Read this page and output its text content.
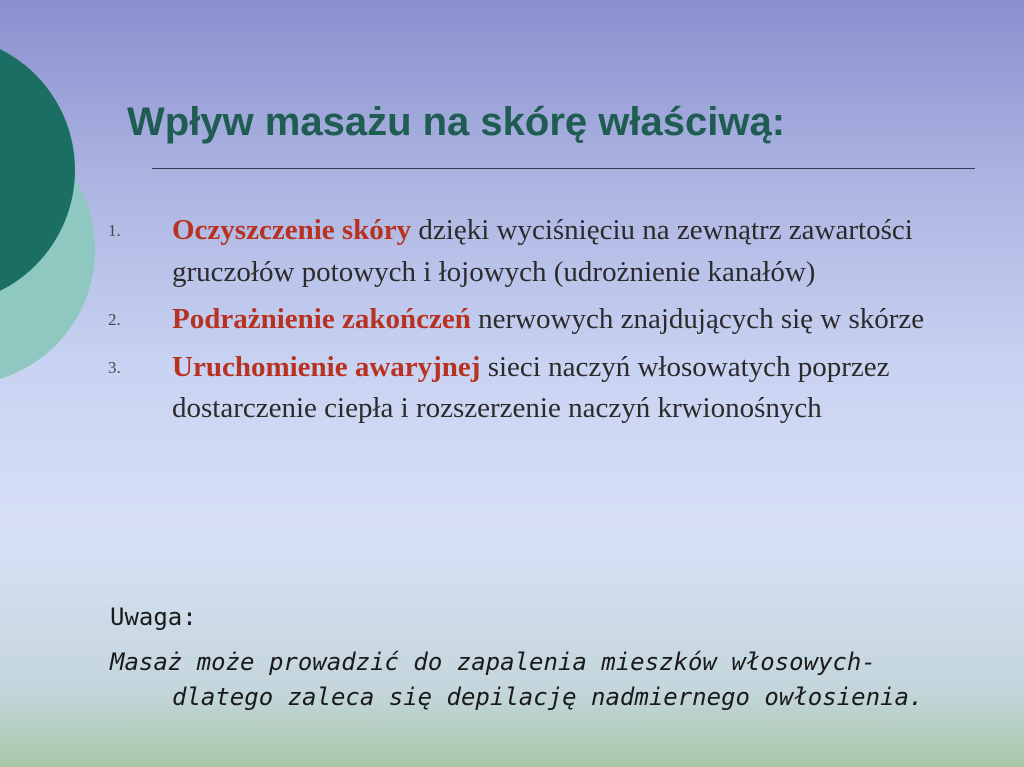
Wpływ masażu na skórę właściwą:
1. Oczyszczenie skóry dzięki wyciśnięciu na zewnątrz zawartości gruczołów potowych i łojowych (udrożnienie kanałów)
2. Podrażnienie zakończeń nerwowych znajdujących się w skórze
3. Uruchomienie awaryjnej sieci naczyń włosowatych poprzez dostarczenie ciepła i rozszerzenie naczyń krwionośnych
Uwaga:
Masaż może prowadzić do zapalenia mieszków włosowych-
dlatego zaleca się depilację nadmiernego owłosienia.
